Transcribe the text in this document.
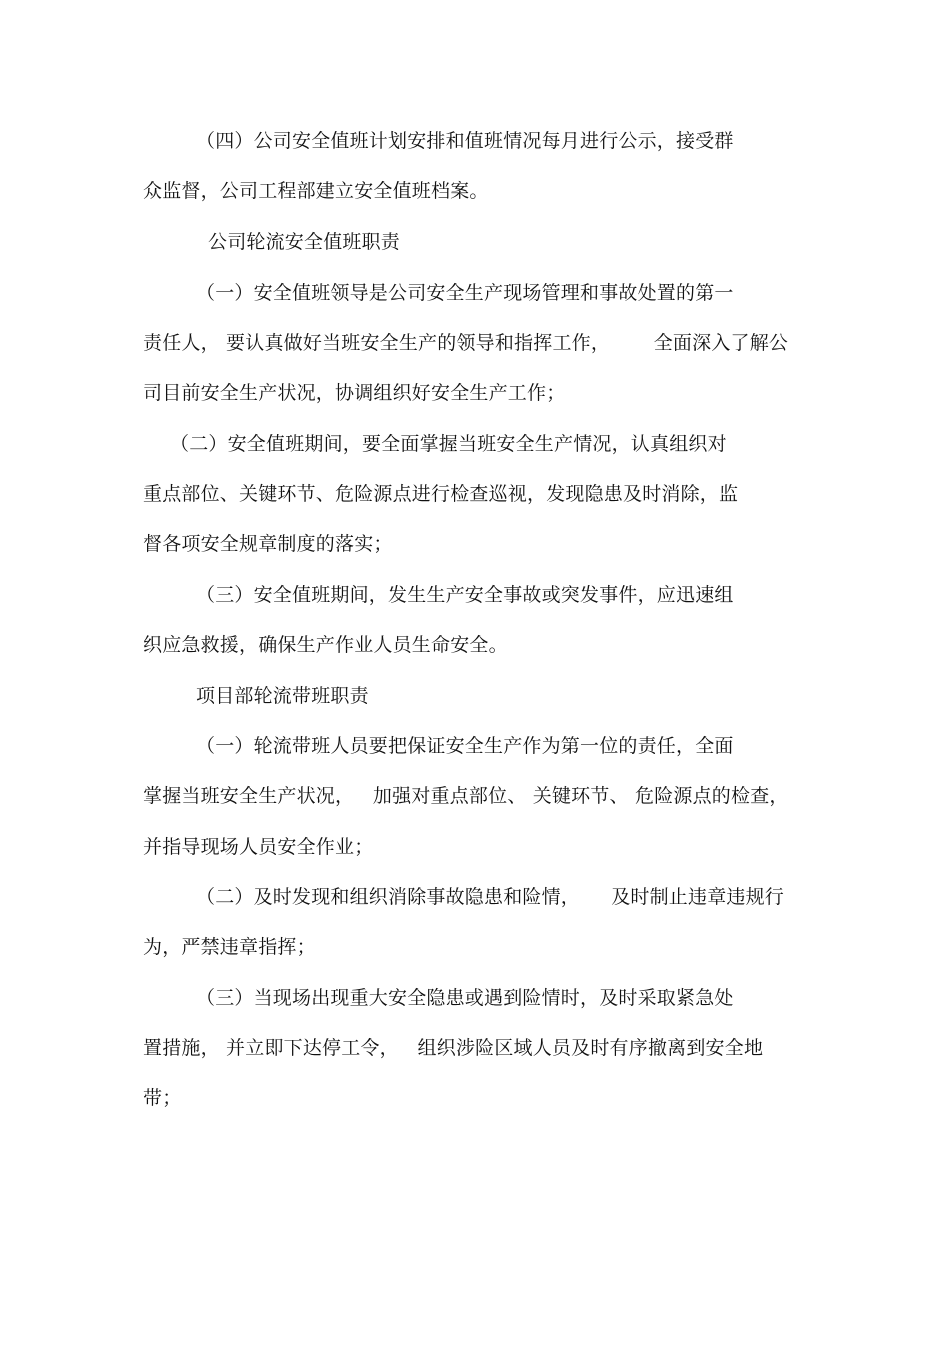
（四）公司安全值班计划安排和值班情况每月进行公示，接受群
众监督，公司工程部建立安全值班档案。
公司轮流安全值班职责
（一）安全值班领导是公司安全生产现场管理和事故处置的第一
责任人， 要认真做好当班安全生产的领导和指挥工作，       全面深入了解公
司目前安全生产状况，协调组织好安全生产工作；
（二）安全值班期间，要全面掌握当班安全生产情况，认真组织对
重点部位、关键环节、危险源点进行检查巡视，发现隐患及时消除，监
督各项安全规章制度的落实；
（三）安全值班期间，发生生产安全事故或突发事件，应迅速组
织应急救援，确保生产作业人员生命安全。
项目部轮流带班职责
（一）轮流带班人员要把保证安全生产作为第一位的责任，全面
掌握当班安全生产状况，   加强对重点部位、 关键环节、 危险源点的检查，
并指导现场人员安全作业；
（二）及时发现和组织消除事故隐患和险情，     及时制止违章违规行
为，严禁违章指挥；
（三）当现场出现重大安全隐患或遇到险情时，及时采取紧急处
置措施， 并立即下达停工令，   组织涉险区域人员及时有序撤离到安全地
带；
